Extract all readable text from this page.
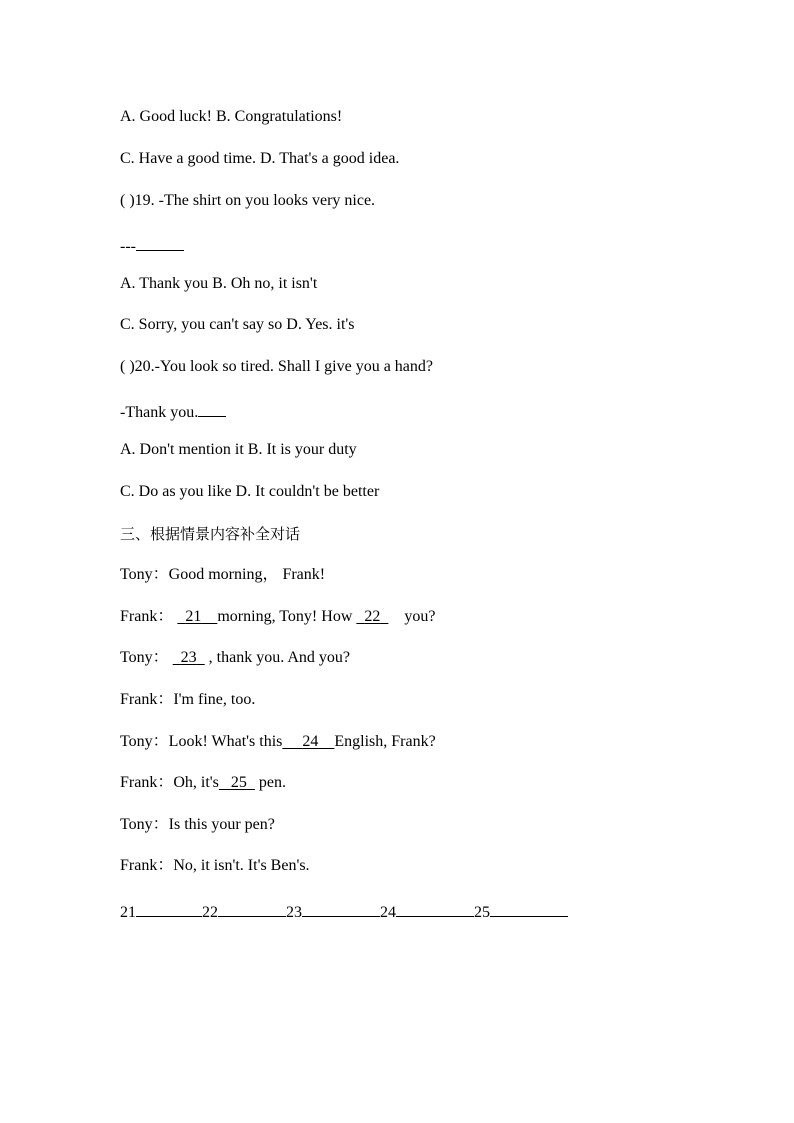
A. Good luck! B. Congratulations!
C. Have a good time. D. That's a good idea.
( )19. -The shirt on you looks very nice.
---
A. Thank you B. Oh no, it isn't
C. Sorry, you can't say so D. Yes. it's
( )20.-You look so tired. Shall I give you a hand?
-Thank you.
A. Don't mention it B. It is your duty
C. Do as you like D. It couldn't be better
三、根据情景内容补全对话
Tony：Good morning， Frank!
Frank： 21 morning, Tony! How 22 you?
Tony： 23 , thank you. And you?
Frank：I'm fine, too.
Tony：Look! What's this 24 English, Frank?
Frank：Oh, it's 25 pen.
Tony：Is this your pen?
Frank：No, it isn't. It's Ben's.
21	22	23	24	25
